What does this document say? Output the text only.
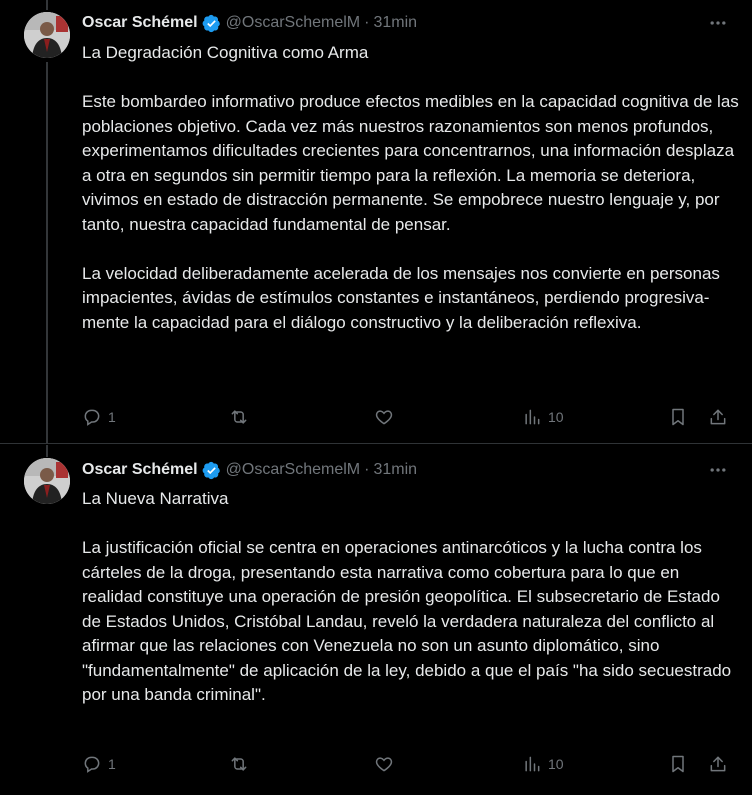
Oscar Schémel @OscarSchemelM · 31min

La Degradación Cognitiva como Arma

Este bombardeo informativo produce efectos medibles en la capacidad cognitiva de las poblaciones objetivo. Cada vez más nuestros razonamientos son menos profundos, experimentamos dificultades crecientes para concentrarnos, una información desplaza a otra en segundos sin permitir tiempo para la reflexión. La memoria se deteriora, vivimos en estado de distracción permanente. Se empobrece nuestro lenguaje y, por tanto, nuestra capacidad fundamental de pensar.

La velocidad deliberadamente acelerada de los mensajes nos convierte en personas impacientes, ávidas de estímulos constantes e instantáneos, perdiendo progresiva-mente la capacidad para el diálogo constructivo y la deliberación reflexiva.

1	10
Oscar Schémel @OscarSchemelM · 31min

La Nueva Narrativa

La justificación oficial se centra en operaciones antinarcóticos y la lucha contra los cárteles de la droga, presentando esta narrativa como cobertura para lo que en realidad constituye una operación de presión geopolítica. El subsecretario de Estado de Estados Unidos, Cristóbal Landau, reveló la verdadera naturaleza del conflicto al afirmar que las relaciones con Venezuela no son un asunto diplomático, sino "fundamentalmente" de aplicación de la ley, debido a que el país "ha sido secuestrado por una banda criminal".

1	10
